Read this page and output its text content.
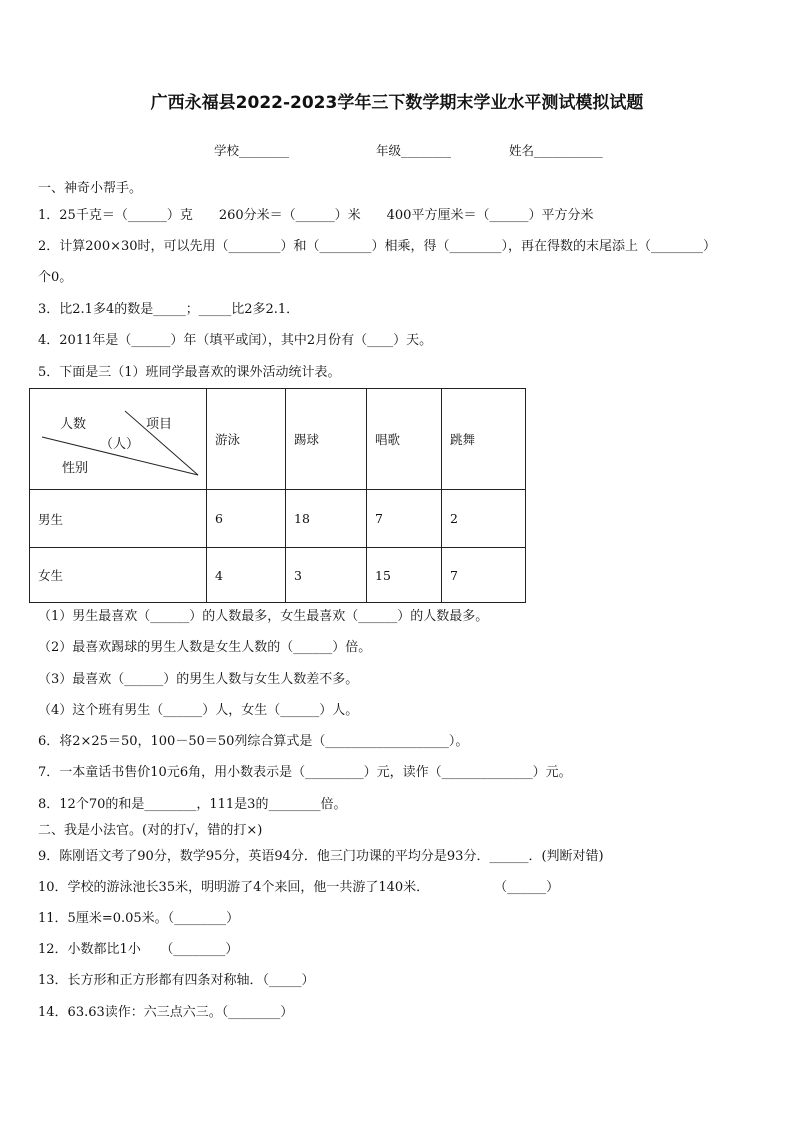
广西永福县2022-2023学年三下数学期末学业水平测试模拟试题
学校________	年级________	姓名___________
一、神奇小帮手。
1．25千克＝（______）克　　260分米＝（______）米　　400平方厘米＝（______）平方分米
2．计算200×30时，可以先用（________）和（________）相乘，得（________），再在得数的末尾添上（________）
个0。
3．比2.1多4的数是_____；_____比2多2.1．
4．2011年是（______）年（填平或闰），其中2月份有（____）天。
5．下面是三（1）班同学最喜欢的课外活动统计表。
人数 项目
（人）
性别	游泳	踢球	唱歌	跳舞
男生	6	18	7	2
女生	4	3	15	7
（1）男生最喜欢（______）的人数最多，女生最喜欢（______）的人数最多。
（2）最喜欢踢球的男生人数是女生人数的（______）倍。
（3）最喜欢（______）的男生人数与女生人数差不多。
（4）这个班有男生（______）人，女生（______）人。
6．将2×25＝50，100－50＝50列综合算式是（___________________）。
7．一本童话书售价10元6角，用小数表示是（_________）元，读作（______________）元。
8．12个70的和是________，111是3的________倍。
二、我是小法官。(对的打√，错的打×)
9．陈刚语文考了90分，数学95分，英语94分．他三门功课的平均分是93分．______．(判断对错)
10．学校的游泳池长35米，明明游了4个来回，他一共游了140米．　　　　　　（______）
11．5厘米=0.05米。（________）
12．小数都比1小　　（________）
13．长方形和正方形都有四条对称轴．（_____）
14．63.63读作：六三点六三。（________）
